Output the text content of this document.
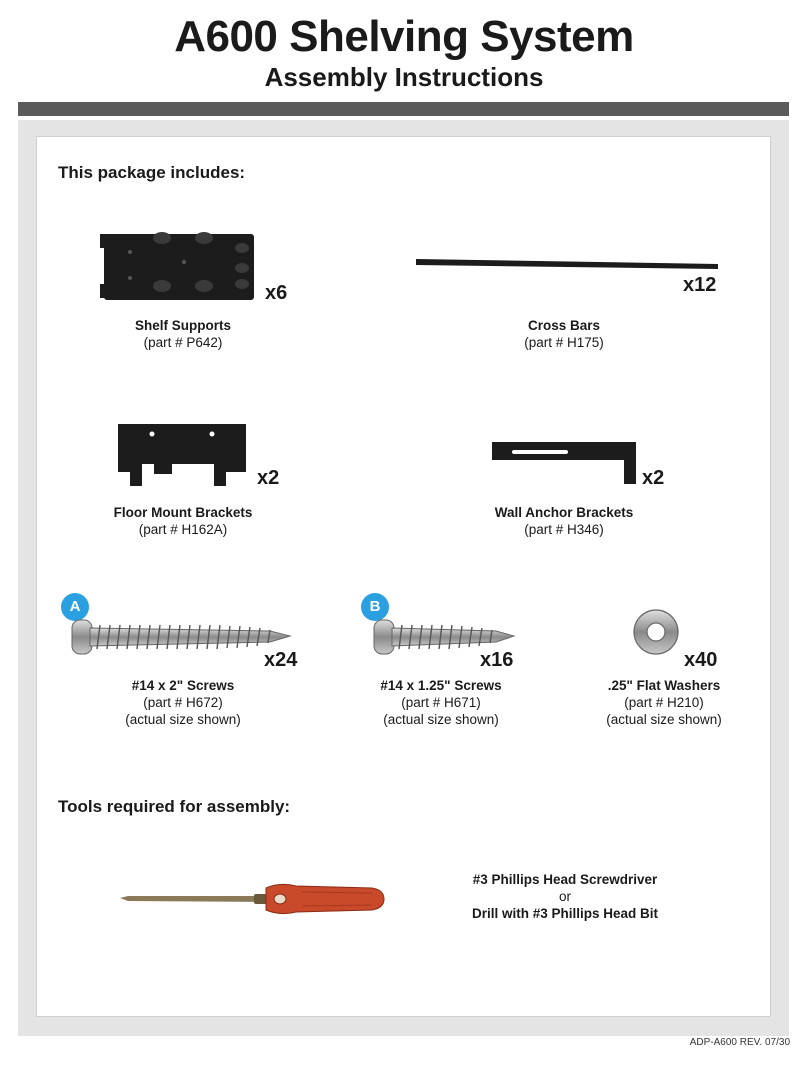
A600 Shelving System
Assembly Instructions
This package includes:
x6
Shelf Supports
(part # P642)
x12
Cross Bars
(part # H175)
x2
Floor Mount Brackets
(part # H162A)
x2
Wall Anchor Brackets
(part # H346)
A
x24
#14 x 2" Screws
(part # H672)
(actual size shown)
B
x16
#14 x 1.25" Screws
(part # H671)
(actual size shown)
x40
.25" Flat Washers
(part # H210)
(actual size shown)
Tools required for assembly:
#3 Phillips Head Screwdriver
or
Drill with #3 Phillips Head Bit
ADP-A600 REV. 07/30
